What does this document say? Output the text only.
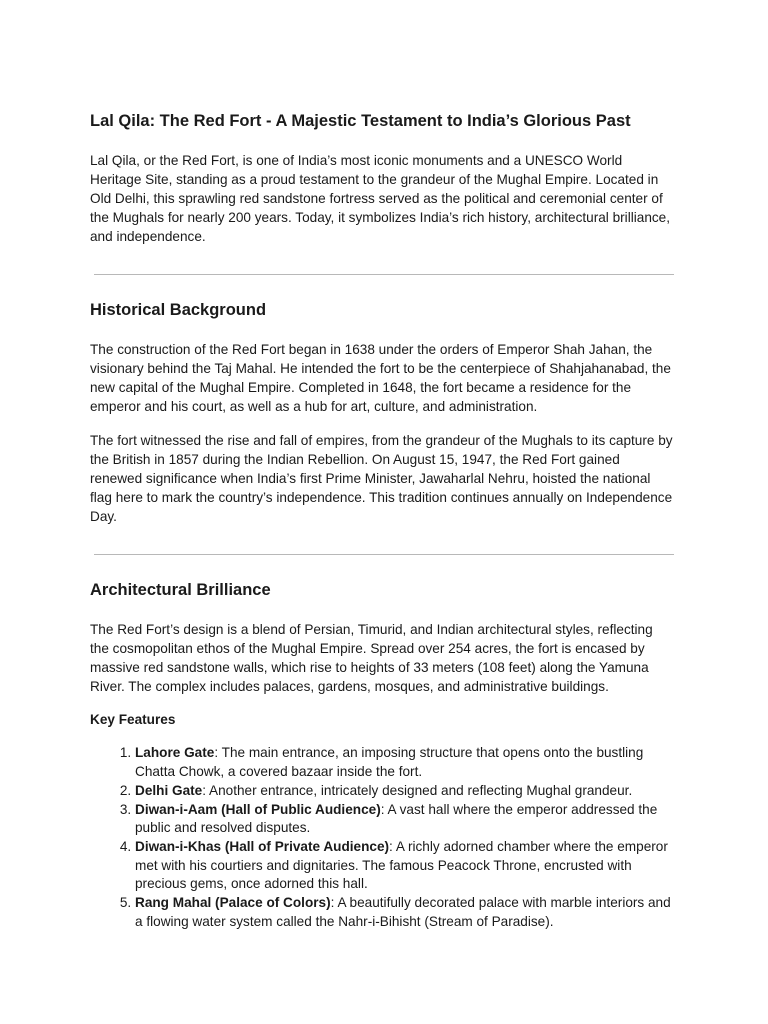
Lal Qila: The Red Fort - A Majestic Testament to India’s Glorious Past

Lal Qila, or the Red Fort, is one of India’s most iconic monuments and a UNESCO World Heritage Site, standing as a proud testament to the grandeur of the Mughal Empire. Located in Old Delhi, this sprawling red sandstone fortress served as the political and ceremonial center of the Mughals for nearly 200 years. Today, it symbolizes India’s rich history, architectural brilliance, and independence.

Historical Background

The construction of the Red Fort began in 1638 under the orders of Emperor Shah Jahan, the visionary behind the Taj Mahal. He intended the fort to be the centerpiece of Shahjahanabad, the new capital of the Mughal Empire. Completed in 1648, the fort became a residence for the emperor and his court, as well as a hub for art, culture, and administration.

The fort witnessed the rise and fall of empires, from the grandeur of the Mughals to its capture by the British in 1857 during the Indian Rebellion. On August 15, 1947, the Red Fort gained renewed significance when India’s first Prime Minister, Jawaharlal Nehru, hoisted the national flag here to mark the country’s independence. This tradition continues annually on Independence Day.

Architectural Brilliance

The Red Fort’s design is a blend of Persian, Timurid, and Indian architectural styles, reflecting the cosmopolitan ethos of the Mughal Empire. Spread over 254 acres, the fort is encased by massive red sandstone walls, which rise to heights of 33 meters (108 feet) along the Yamuna River. The complex includes palaces, gardens, mosques, and administrative buildings.

Key Features
1. Lahore Gate: The main entrance, an imposing structure that opens onto the bustling Chatta Chowk, a covered bazaar inside the fort.
2. Delhi Gate: Another entrance, intricately designed and reflecting Mughal grandeur.
3. Diwan-i-Aam (Hall of Public Audience): A vast hall where the emperor addressed the public and resolved disputes.
4. Diwan-i-Khas (Hall of Private Audience): A richly adorned chamber where the emperor met with his courtiers and dignitaries. The famous Peacock Throne, encrusted with precious gems, once adorned this hall.
5. Rang Mahal (Palace of Colors): A beautifully decorated palace with marble interiors and a flowing water system called the Nahr-i-Bihisht (Stream of Paradise).
